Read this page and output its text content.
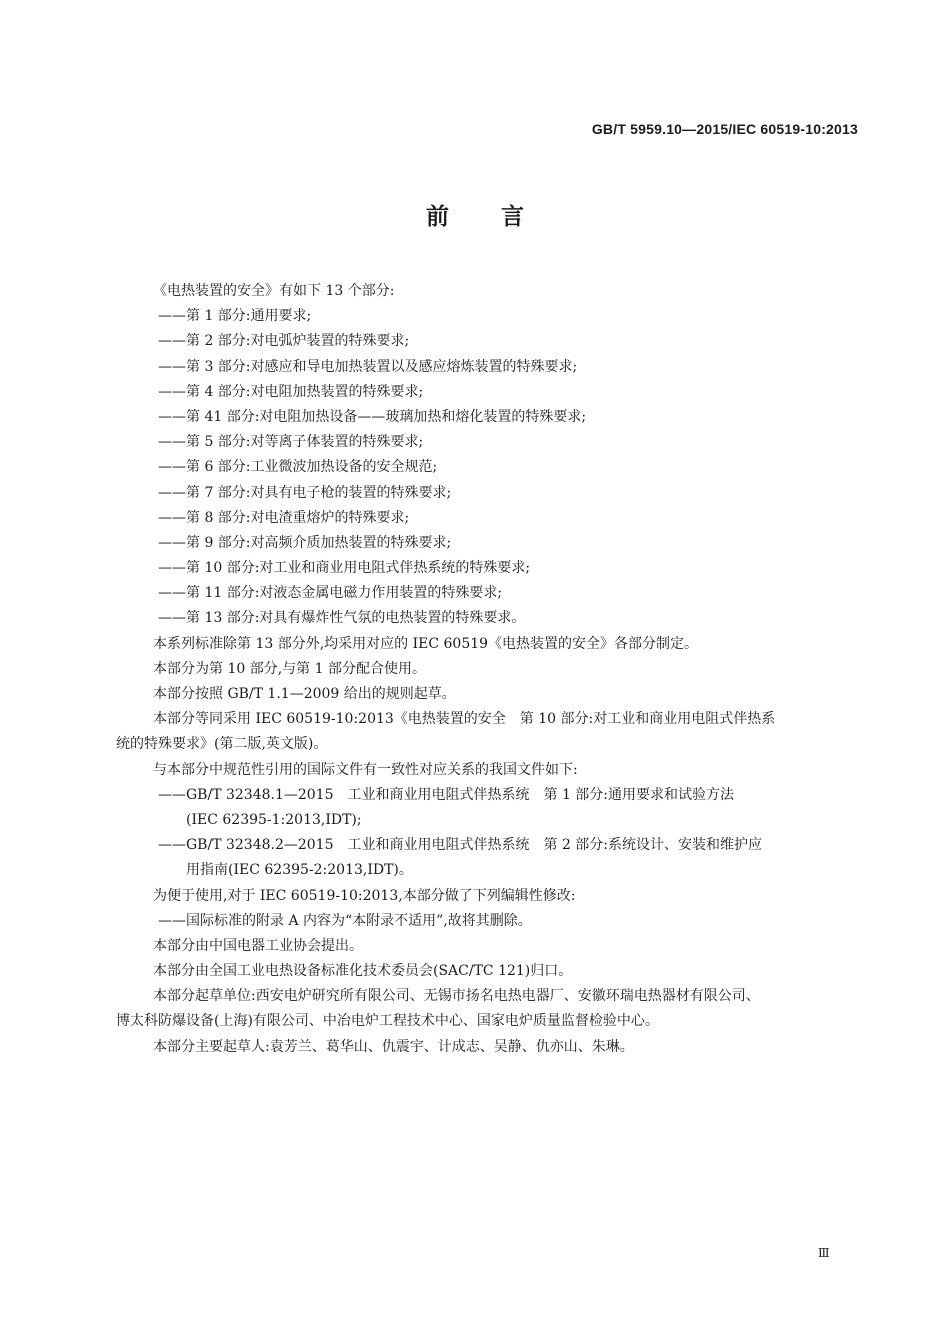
GB/T 5959.10—2015/IEC 60519-10:2013
前言
《电热装置的安全》有如下 13 个部分:
——第 1 部分:通用要求;
——第 2 部分:对电弧炉装置的特殊要求;
——第 3 部分:对感应和导电加热装置以及感应熔炼装置的特殊要求;
——第 4 部分:对电阻加热装置的特殊要求;
——第 41 部分:对电阻加热设备——玻璃加热和熔化装置的特殊要求;
——第 5 部分:对等离子体装置的特殊要求;
——第 6 部分:工业微波加热设备的安全规范;
——第 7 部分:对具有电子枪的装置的特殊要求;
——第 8 部分:对电渣重熔炉的特殊要求;
——第 9 部分:对高频介质加热装置的特殊要求;
——第 10 部分:对工业和商业用电阻式伴热系统的特殊要求;
——第 11 部分:对液态金属电磁力作用装置的特殊要求;
——第 13 部分:对具有爆炸性气氛的电热装置的特殊要求。
本系列标准除第 13 部分外,均采用对应的 IEC 60519《电热装置的安全》各部分制定。
本部分为第 10 部分,与第 1 部分配合使用。
本部分按照 GB/T 1.1—2009 给出的规则起草。
本部分等同采用 IEC 60519-10:2013《电热装置的安全　第 10 部分:对工业和商业用电阻式伴热系
统的特殊要求》(第二版,英文版)。
与本部分中规范性引用的国际文件有一致性对应关系的我国文件如下:
——GB/T 32348.1—2015　工业和商业用电阻式伴热系统　第 1 部分:通用要求和试验方法
(IEC 62395-1:2013,IDT);
——GB/T 32348.2—2015　工业和商业用电阻式伴热系统　第 2 部分:系统设计、安装和维护应
用指南(IEC 62395-2:2013,IDT)。
为便于使用,对于 IEC 60519-10:2013,本部分做了下列编辑性修改:
——国际标准的附录 A 内容为“本附录不适用”,故将其删除。
本部分由中国电器工业协会提出。
本部分由全国工业电热设备标准化技术委员会(SAC/TC 121)归口。
本部分起草单位:西安电炉研究所有限公司、无锡市扬名电热电器厂、安徽环瑞电热器材有限公司、
博太科防爆设备(上海)有限公司、中冶电炉工程技术中心、国家电炉质量监督检验中心。
本部分主要起草人:袁芳兰、葛华山、仇震宇、计成志、吴静、仇亦山、朱琳。
Ⅲ
